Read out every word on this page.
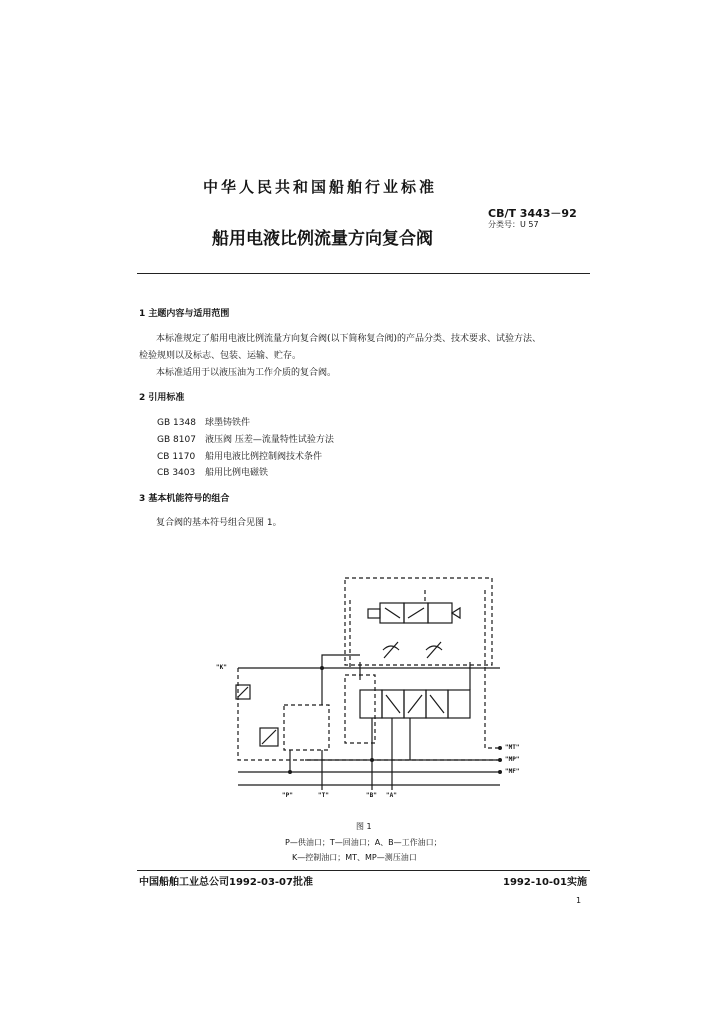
中华人民共和国船舶行业标准
CB/T 3443－92
分类号：U 57
船用电液比例流量方向复合阀
1 主题内容与适用范围
本标准规定了船用电液比例流量方向复合阀(以下简称复合阀)的产品分类、技术要求、试验方法、
检验规则以及标志、包装、运输、贮存。
本标准适用于以液压油为工作介质的复合阀。
2 引用标准
GB 1348 球墨铸铁件
GB 8107 液压阀 压差—流量特性试验方法
CB 1170 船用电液比例控制阀技术条件
CB 3403 船用比例电磁铁
3 基本机能符号的组合
复合阀的基本符号组合见图 1。
"K"
"MT"
"MP"
"MF"
"P"	"T"	"B" "A"
图 1
P—供油口；T—回油口；A、B—工作油口；
K—控制油口；MT、MP—测压油口
中国船舶工业总公司1992-03-07批准	1992-10-01实施
1
